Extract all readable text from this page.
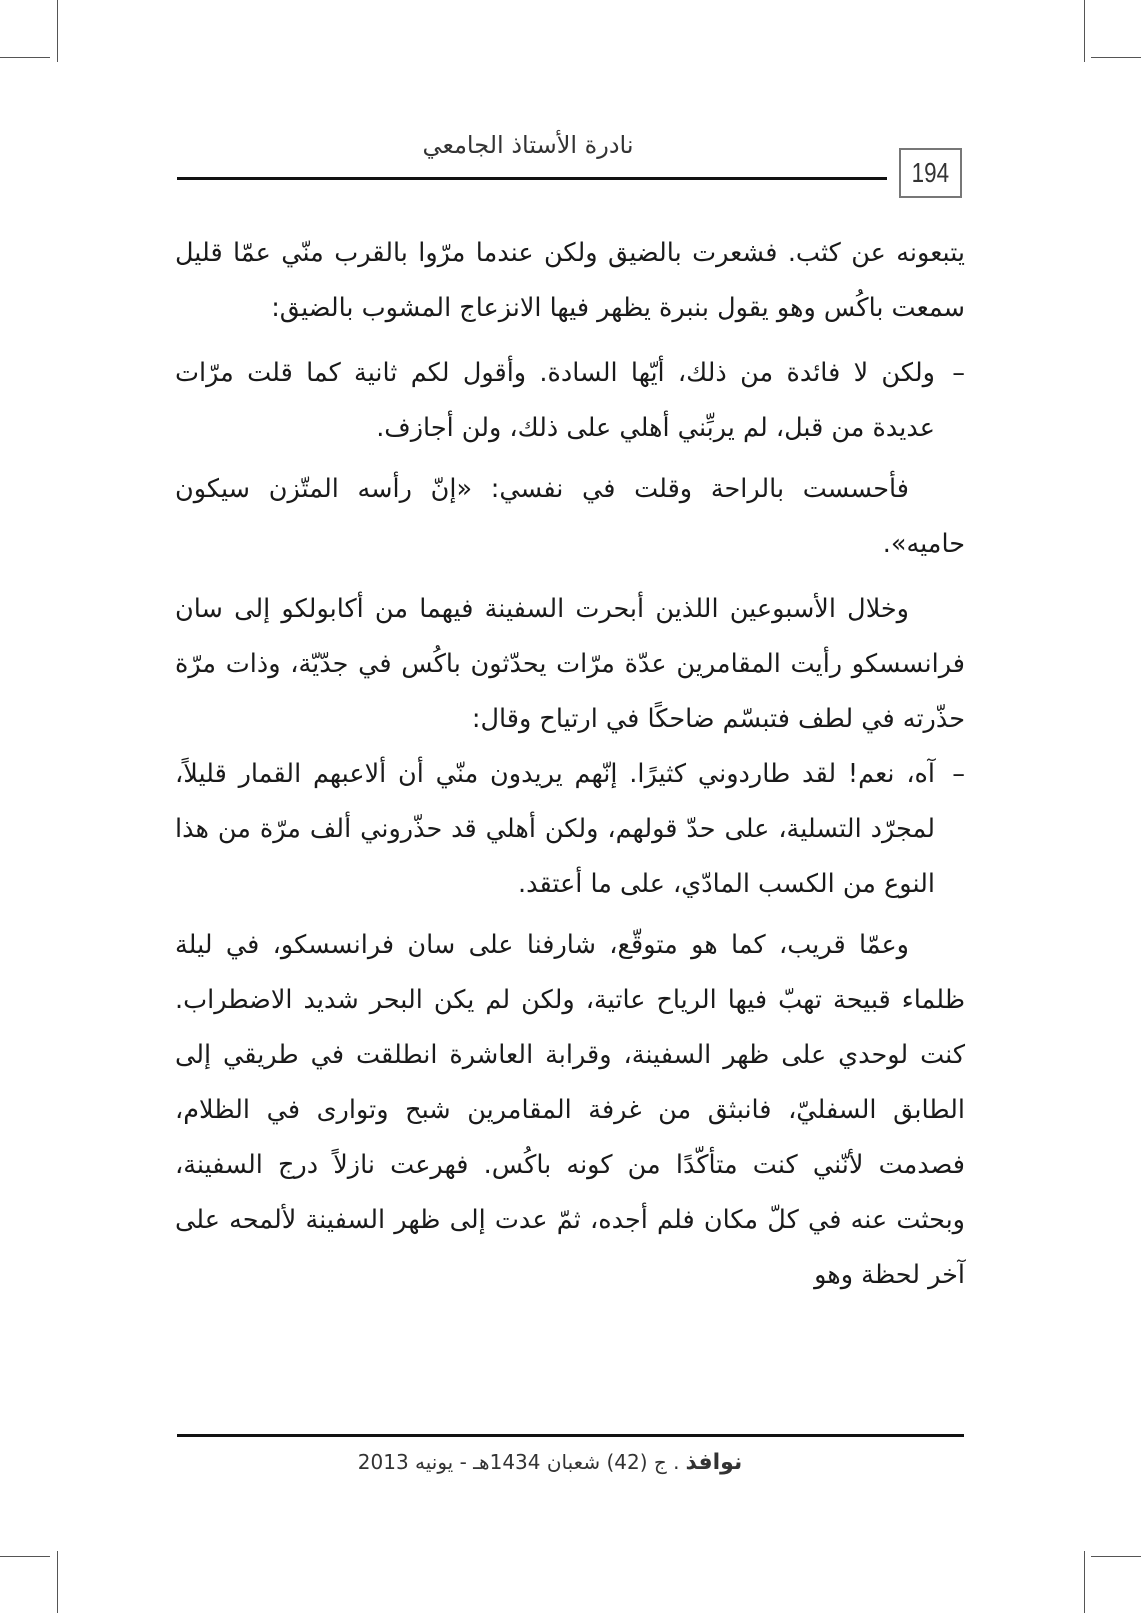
نادرة الأستاذ الجامعي
194

يتبعونه عن كثب. فشعرت بالضيق ولكن عندما مرّوا بالقرب منّي عمّا قليل سمعت باكُس وهو يقول بنبرة يظهر فيها الانزعاج المشوب بالضيق:

–ولكن لا فائدة من ذلك، أيّها السادة. وأقول لكم ثانية كما قلت مرّات عديدة من قبل، لم يربِّني أهلي على ذلك، ولن أجازف.

فأحسست بالراحة وقلت في نفسي: «إنّ رأسه المتّزن سيكون حاميه».

وخلال الأسبوعين اللذين أبحرت السفينة فيهما من أكابولكو إلى سان فرانسسكو رأيت المقامرين عدّة مرّات يحدّثون باكُس في جدّيّة، وذات مرّة حذّرته في لطف فتبسّم ضاحكًا في ارتياح وقال:

–آه، نعم! لقد طاردوني كثيرًا. إنّهم يريدون منّي أن ألاعبهم القمار قليلاً، لمجرّد التسلية، على حدّ قولهم، ولكن أهلي قد حذّروني ألف مرّة من هذا النوع من الكسب المادّي، على ما أعتقد.

وعمّا قريب، كما هو متوقّع، شارفنا على سان فرانسسكو، في ليلة ظلماء قبيحة تهبّ فيها الرياح عاتية، ولكن لم يكن البحر شديد الاضطراب. كنت لوحدي على ظهر السفينة، وقرابة العاشرة انطلقت في طريقي إلى الطابق السفليّ، فانبثق من غرفة المقامرين شبح وتوارى في الظلام، فصدمت لأنّني كنت متأكّدًا من كونه باكُس. فهرعت نازلاً درج السفينة، وبحثت عنه في كلّ مكان فلم أجده، ثمّ عدت إلى ظهر السفينة لألمحه على آخر لحظة وهو

نوافذ. ج (42) شعبان 1434هـ - يونيه 2013
